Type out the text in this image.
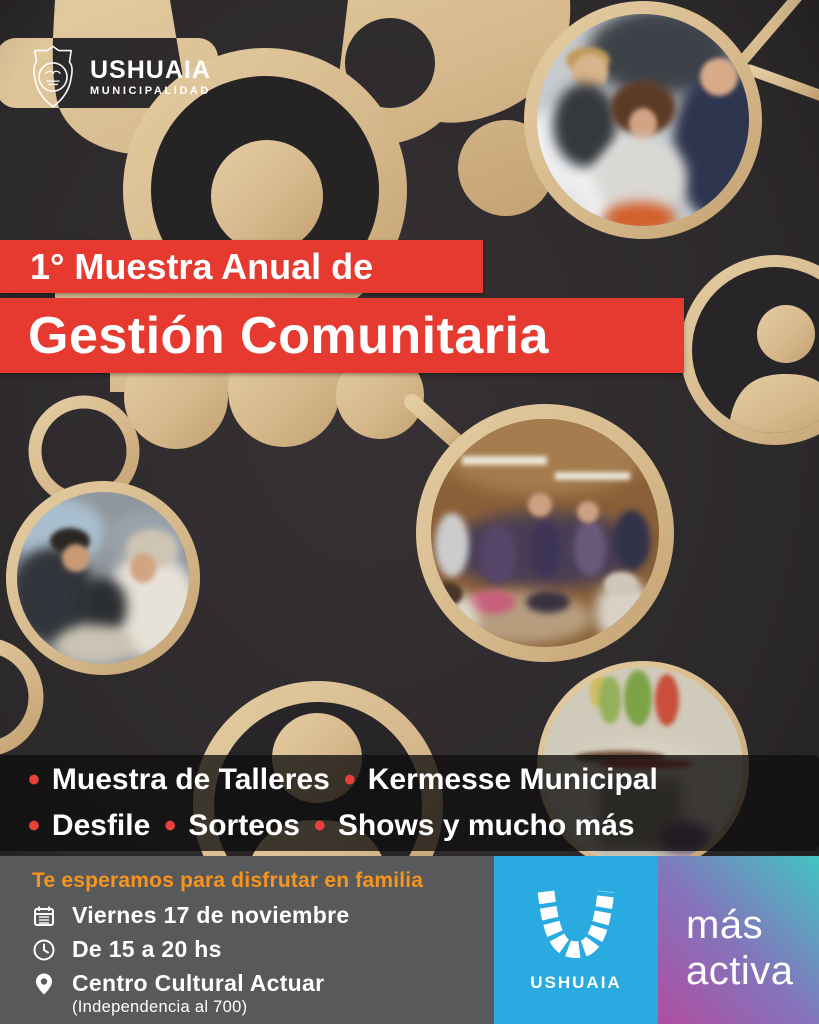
USHUAIA
MUNICIPALIDAD
1° Muestra Anual de
Gestión Comunitaria
• Muestra de Talleres • Kermesse Municipal
• Desfile • Sorteos • Shows y mucho más
Te esperamos para disfrutar en familia
Viernes 17 de noviembre
De 15 a 20 hs
Centro Cultural Actuar
(Independencia al 700)
USHUAIA
más
activa
